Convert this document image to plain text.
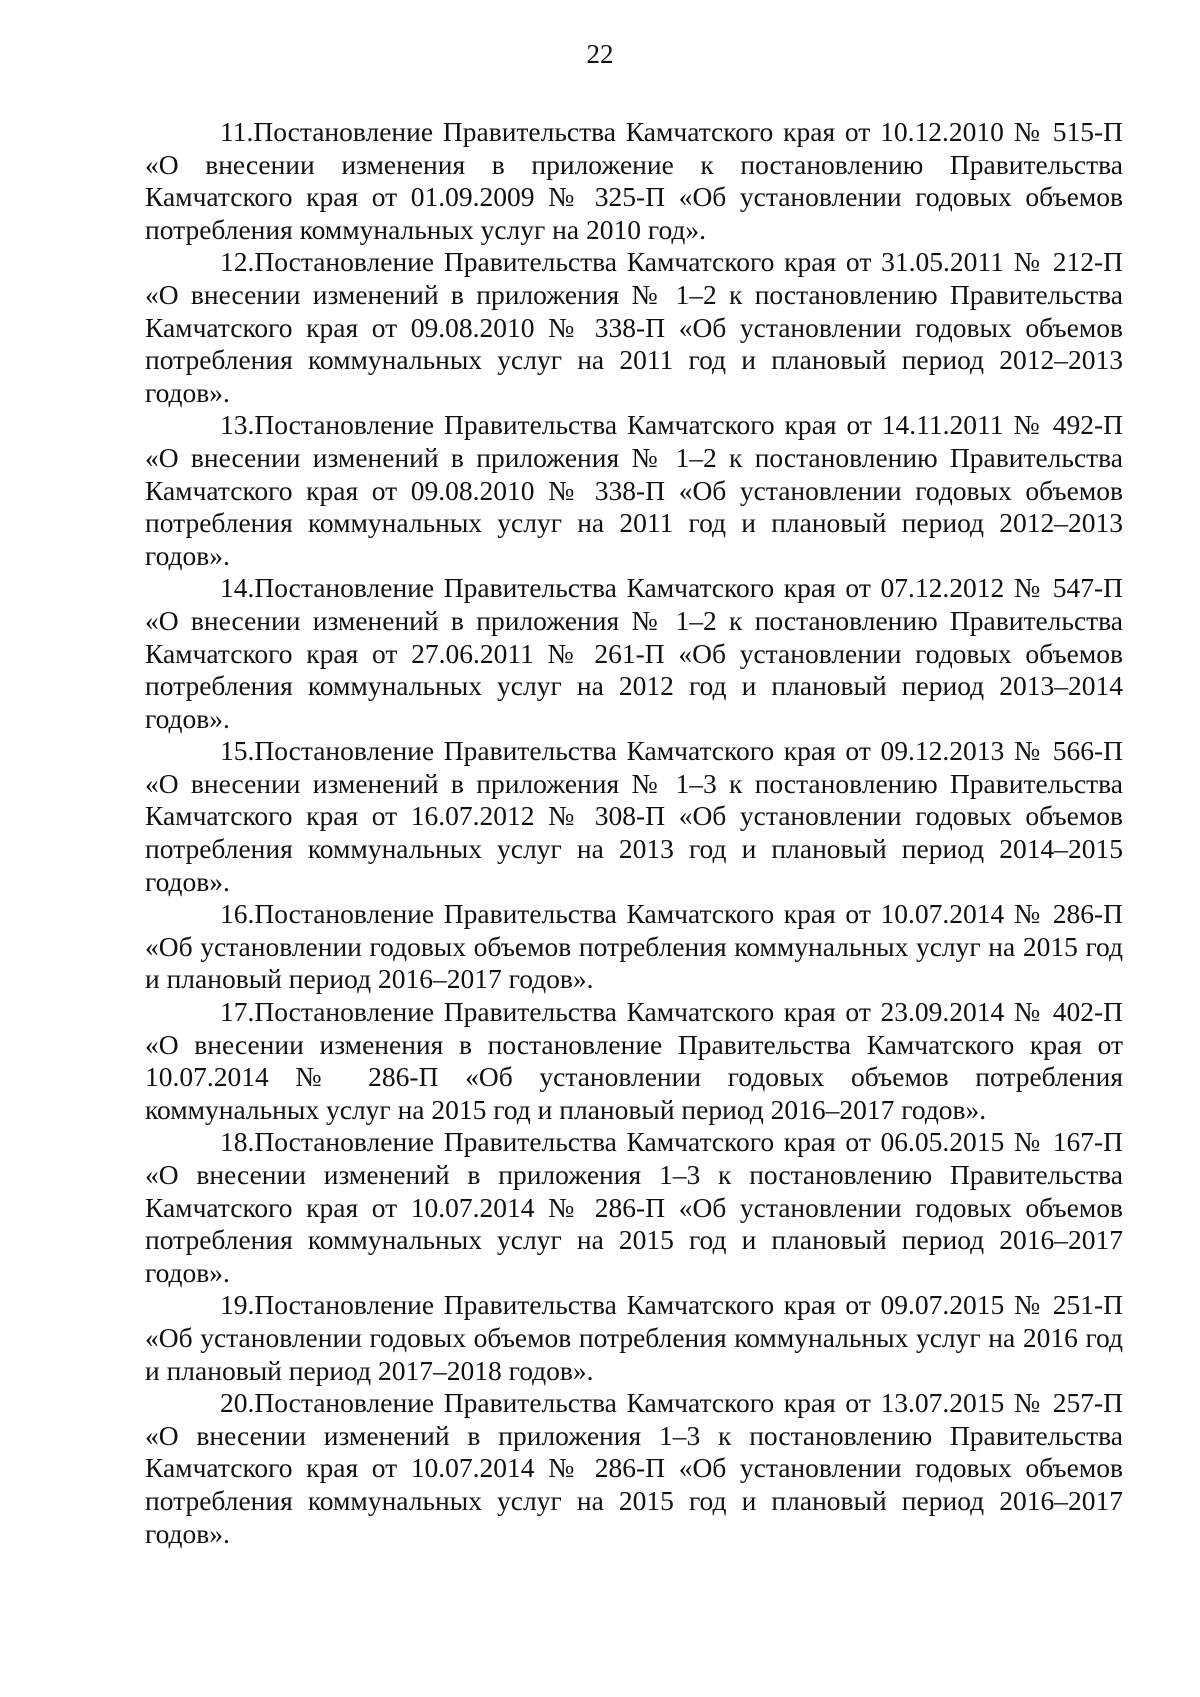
22

11.Постановление Правительства Камчатского края от 10.12.2010 № 515-П «О внесении изменения в приложение к постановлению Правительства Камчатского края от 01.09.2009 № 325-П «Об установлении годовых объемов потребления коммунальных услуг на 2010 год».

12.Постановление Правительства Камчатского края от 31.05.2011 № 212-П «О внесении изменений в приложения № 1–2 к постановлению Правительства Камчатского края от 09.08.2010 № 338-П «Об установлении годовых объемов потребления коммунальных услуг на 2011 год и плановый период 2012–2013 годов».

13.Постановление Правительства Камчатского края от 14.11.2011 № 492-П «О внесении изменений в приложения № 1–2 к постановлению Правительства Камчатского края от 09.08.2010 № 338-П «Об установлении годовых объемов потребления коммунальных услуг на 2011 год и плановый период 2012–2013 годов».

14.Постановление Правительства Камчатского края от 07.12.2012 № 547-П «О внесении изменений в приложения № 1–2 к постановлению Правительства Камчатского края от 27.06.2011 № 261-П «Об установлении годовых объемов потребления коммунальных услуг на 2012 год и плановый период 2013–2014 годов».

15.Постановление Правительства Камчатского края от 09.12.2013 № 566-П «О внесении изменений в приложения № 1–3 к постановлению Правительства Камчатского края от 16.07.2012 № 308-П «Об установлении годовых объемов потребления коммунальных услуг на 2013 год и плановый период 2014–2015 годов».

16.Постановление Правительства Камчатского края от 10.07.2014 № 286-П «Об установлении годовых объемов потребления коммунальных услуг на 2015 год и плановый период 2016–2017 годов».

17.Постановление Правительства Камчатского края от 23.09.2014 № 402-П «О внесении изменения в постановление Правительства Камчатского края от 10.07.2014 № 286-П «Об установлении годовых объемов потребления коммунальных услуг на 2015 год и плановый период 2016–2017 годов».

18.Постановление Правительства Камчатского края от 06.05.2015 № 167-П «О внесении изменений в приложения 1–3 к постановлению Правительства Камчатского края от 10.07.2014 № 286-П «Об установлении годовых объемов потребления коммунальных услуг на 2015 год и плановый период 2016–2017 годов».

19.Постановление Правительства Камчатского края от 09.07.2015 № 251-П «Об установлении годовых объемов потребления коммунальных услуг на 2016 год и плановый период 2017–2018 годов».

20.Постановление Правительства Камчатского края от 13.07.2015 № 257-П «О внесении изменений в приложения 1–3 к постановлению Правительства Камчатского края от 10.07.2014 № 286-П «Об установлении годовых объемов потребления коммунальных услуг на 2015 год и плановый период 2016–2017 годов».
